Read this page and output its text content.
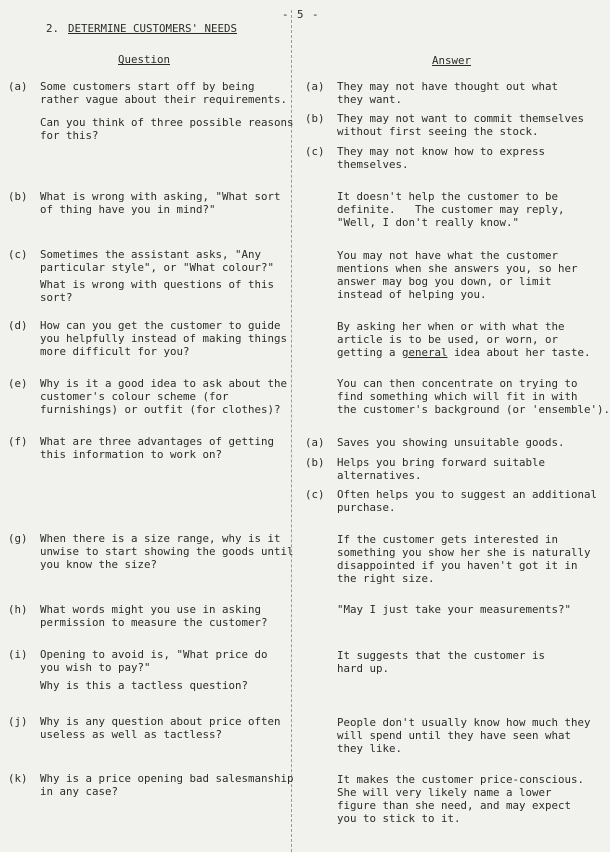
- 5 -
2. DETERMINE CUSTOMERS' NEEDS
Question	Answer
(a) Some customers start off by being
rather vague about their requirements.
Can you think of three possible reasons
for this?
(a) They may not have thought out what
they want.
(b) They may not want to commit themselves
without first seeing the stock.
(c) They may not know how to express
themselves.
(b) What is wrong with asking, "What sort
of thing have you in mind?"
It doesn't help the customer to be
definite.   The customer may reply,
"Well, I don't really know."
(c) Sometimes the assistant asks, "Any
particular style", or "What colour?"
What is wrong with questions of this
sort?
You may not have what the customer
mentions when she answers you, so her
answer may bog you down, or limit
instead of helping you.
(d) How can you get the customer to guide
you helpfully instead of making things
more difficult for you?
By asking her when or with what the
article is to be used, or worn, or
getting a general idea about her taste.
(e) Why is it a good idea to ask about the
customer's colour scheme (for
furnishings) or outfit (for clothes)?
You can then concentrate on trying to
find something which will fit in with
the customer's background (or 'ensemble').
(f) What are three advantages of getting
this information to work on?
(a) Saves you showing unsuitable goods.
(b) Helps you bring forward suitable
alternatives.
(c) Often helps you to suggest an additional
purchase.
(g) When there is a size range, why is it
unwise to start showing the goods until
you know the size?
If the customer gets interested in
something you show her she is naturally
disappointed if you haven't got it in
the right size.
(h) What words might you use in asking
permission to measure the customer?
"May I just take your measurements?"
(i) Opening to avoid is, "What price do
you wish to pay?"
Why is this a tactless question?
It suggests that the customer is
hard up.
(j) Why is any question about price often
useless as well as tactless?
People don't usually know how much they
will spend until they have seen what
they like.
(k) Why is a price opening bad salesmanship
in any case?
It makes the customer price-conscious.
She will very likely name a lower
figure than she need, and may expect
you to stick to it.
